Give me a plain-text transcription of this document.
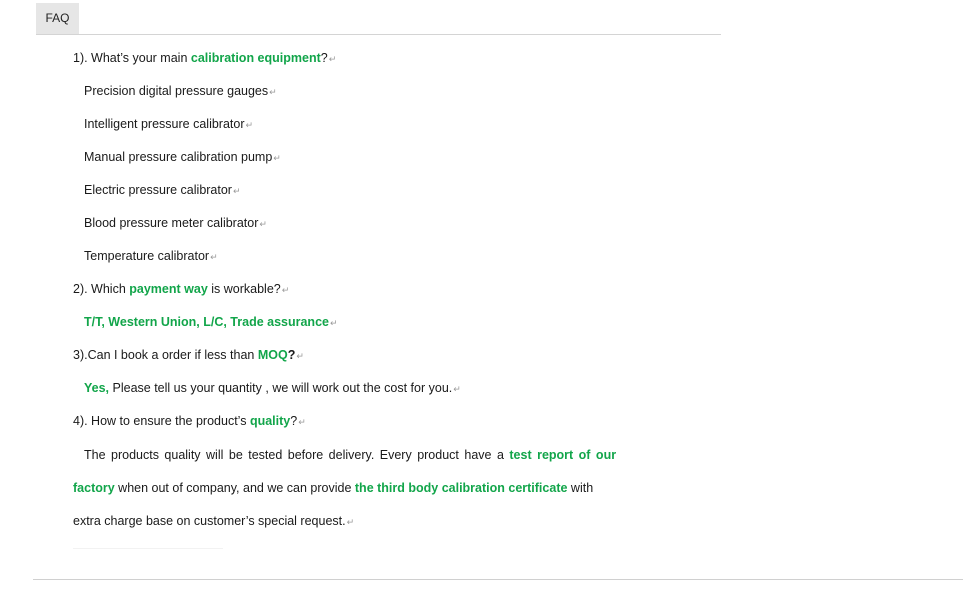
FAQ
1). What’s your main calibration equipment?↵
Precision digital pressure gauges↵
Intelligent pressure calibrator↵
Manual pressure calibration pump↵
Electric pressure calibrator↵
Blood pressure meter calibrator↵
Temperature calibrator↵
2). Which payment way is workable?↵
T/T, Western Union, L/C, Trade assurance↵
3).Can I book a order if less than MOQ?↵
Yes, Please tell us your quantity , we will work out the cost for you.↵
4). How to ensure the product’s quality?↵
The products quality will be tested before delivery. Every product have a test report of our
factory when out of company, and we can provide the third body calibration certificate with
extra charge base on customer’s special request.↵
